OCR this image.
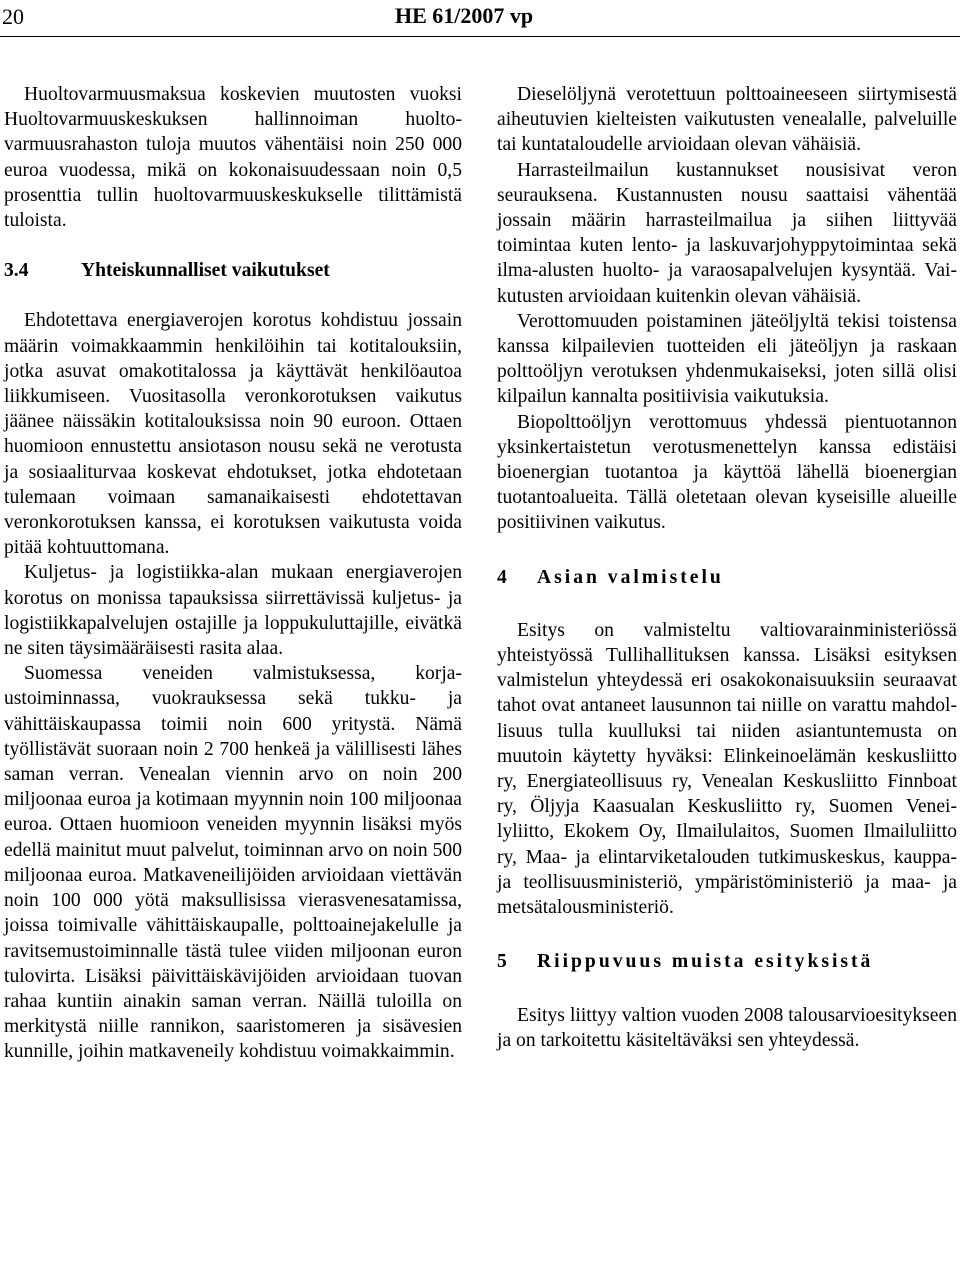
20	HE 61/2007 vp

Huoltovarmuusmaksua koskevien muutosten vuoksi Huoltovarmuuskeskuksen hallinnoiman huolto-varmuusrahaston tuloja muutos vähentäisi noin 250 000 euroa vuodessa, mikä on kokonaisuudessaan noin 0,5 prosenttia tullin huoltovarmuuskeskukselle tilittämistä tuloista.

3.4	Yhteiskunnalliset vaikutukset

Ehdotettava energiaverojen korotus kohdistuu jossain määrin voimakkaammin henkilöihin tai kotitalouksiin, jotka asuvat omakotitalossa ja käyttävät henkilöautoa liikkumiseen. Vuositasolla veronkorotuksen vaikutus jäänee näissäkin kotitalouksissa noin 90 euroon. Ottaen huomioon ennustettu ansiotason nousu sekä ne verotusta ja sosiaaliturvaa koskevat ehdotukset, jotka ehdotetaan tulemaan voimaan samanaikaisesti ehdotettavan veronkorotuksen kanssa, ei korotuksen vaikutusta voida pitää kohtuuttomana.

Kuljetus- ja logistiikka-alan mukaan energiaverojen korotus on monissa tapauksissa siirrettävissä kuljetus- ja logistiikkapalvelujen ostajille ja loppukuluttajille, eivätkä ne siten täysimääräisesti rasita alaa.

Suomessa veneiden valmistuksessa, korjaustoiminnassa, vuokrauksessa sekä tukku- ja vähittäiskaupassa toimii noin 600 yritystä. Nämä työllistävät suoraan noin 2 700 henkeä ja välillisesti lähes saman verran. Venealan viennin arvo on noin 200 miljoonaa euroa ja kotimaan myynnin noin 100 miljoonaa euroa. Ottaen huomioon veneiden myynnin lisäksi myös edellä mainitut muut palvelut, toiminnan arvo on noin 500 miljoonaa euroa. Matkaveneilijöiden arvioidaan viettävän noin 100 000 yötä maksullisissa vierasvenesatamissa, joissa toimivalle vähittäiskaupalle, polttoainejakelulle ja ravitsemustoiminnalle tästä tulee viiden miljoonan euron tulovirta. Lisäksi päivittäiskävijöiden arvioidaan tuovan rahaa kuntiin ainakin saman verran. Näillä tuloilla on merkitystä niille rannikon, saaristomeren ja sisävesien kunnille, joihin matkaveneily kohdistuu voimakkaimmin.

Dieselöljynä verotettuun polttoaineeseen siirtymisestä aiheutuvien kielteisten vaikutusten venealalle, palveluille tai kuntataloudelle arvioidaan olevan vähäisiä.

Harrasteilmailun kustannukset nousisivat veron seurauksena. Kustannusten nousu saattaisi vähentää jossain määrin harrasteilmailua ja siihen liittyvää toimintaa kuten lento- ja laskuvarjohyppytoimintaa sekä ilma-alusten huolto- ja varaosapalvelujen kysyntää. Vaikutusten arvioidaan kuitenkin olevan vähäisiä.

Verottomuuden poistaminen jäteöljyltä tekisi toistensa kanssa kilpailevien tuotteiden eli jäteöljyn ja raskaan polttoöljyn verotuksen yhdenmukaiseksi, joten sillä olisi kilpailun kannalta positiivisia vaikutuksia.

Biopolttoöljyn verottomuus yhdessä pientuotannon yksinkertaistetun verotusmenettelyn kanssa edistäisi bioenergian tuotantoa ja käyttöä lähellä bioenergian tuotantoalueita. Tällä oletetaan olevan kyseisille alueille positiivinen vaikutus.

4	Asian valmistelu

Esitys on valmisteltu valtiovarainministeriössä yhteistyössä Tullihallituksen kanssa. Lisäksi esityksen valmistelun yhteydessä eri osakokonaisuuksiin seuraavat tahot ovat antaneet lausunnon tai niille on varattu mahdollisuus tulla kuulluksi tai niiden asiantuntemusta on muutoin käytetty hyväksi: Elinkeinoelämän keskusliitto ry, Energiateollisuus ry, Venealan Keskusliitto Finnboat ry, Öljyja Kaasualan Keskusliitto ry, Suomen Veneilyliitto, Ekokem Oy, Ilmailulaitos, Suomen Ilmailuliitto ry, Maa- ja elintarviketalouden tutkimuskeskus, kauppa- ja teollisuusministeriö, ympäristöministeriö ja maa- ja metsätalousministeriö.

5	Riippuvuus muista esityksistä

Esitys liittyy valtion vuoden 2008 talousarvioesitykseen ja on tarkoitettu käsiteltäväksi sen yhteydessä.
